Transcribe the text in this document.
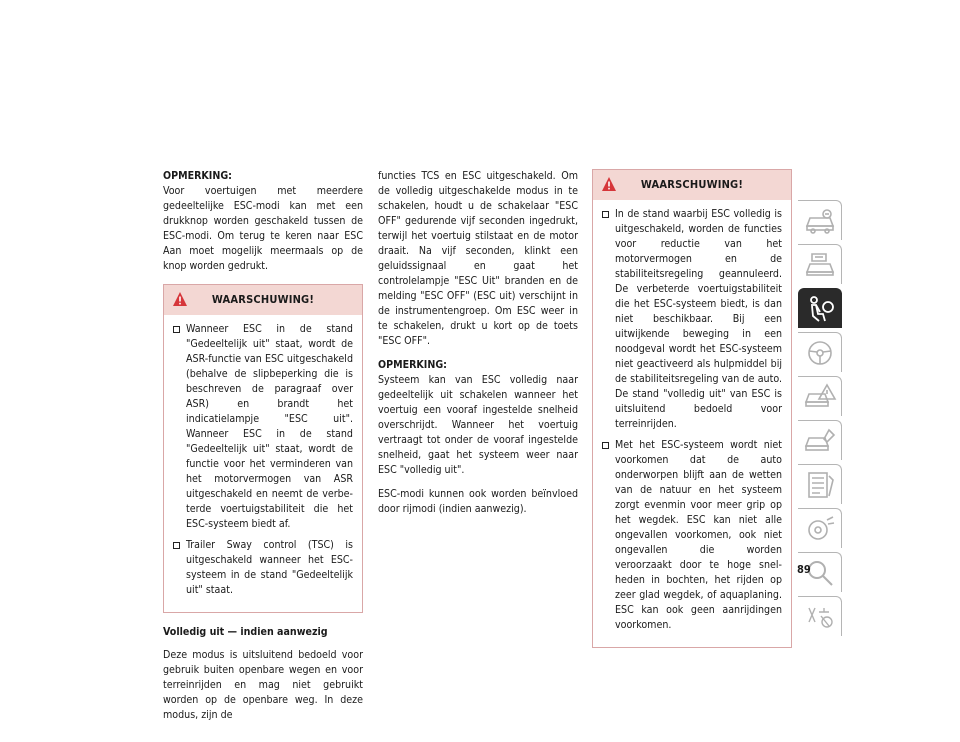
OPMERKING:

Voor voertuigen met meerdere gedeeltelijke ESC-modi kan met een drukknop worden geschakeld tussen de ESC-modi. Om terug te keren naar ESC Aan moet mogelijk meermaals op de knop worden gedrukt.

WAARSCHUWING!
Wanneer ESC in de stand "Gedeeltelijk uit" staat, wordt de ASR-functie van ESC uitgeschakeld (behalve de slipbeperking die is beschreven de paragraaf over ASR) en brandt het indicatielampje "ESC uit". Wanneer ESC in de stand "Gedeeltelijk uit" staat, wordt de functie voor het verminderen van het motorvermogen van ASR uitgeschakeld en neemt de verbeterde voertuigstabiliteit die het ESC-systeem biedt af.
Trailer Sway control (TSC) is uitgeschakeld wanneer het ESC-systeem in de stand "Gedeeltelijk uit" staat.
Volledig uit — indien aanwezig

Deze modus is uitsluitend bedoeld voor gebruik buiten openbare wegen en voor terreinrijden en mag niet gebruikt worden op de openbare weg. In deze modus, zijn de

functies TCS en ESC uitgeschakeld. Om de volledig uitgeschakelde modus in te schakelen, houdt u de schakelaar "ESC OFF" gedurende vijf seconden ingedrukt, terwijl het voertuig stilstaat en de motor draait. Na vijf seconden, klinkt een geluidssignaal en gaat het controlelampje "ESC Uit" branden en de melding "ESC OFF" (ESC uit) verschijnt in de instrumentengroep. Om ESC weer in te schakelen, drukt u kort op de toets "ESC OFF".

OPMERKING:

Systeem kan van ESC volledig naar gedeeltelijk uit schakelen wanneer het voertuig een vooraf ingestelde snelheid overschrijdt. Wanneer het voertuig vertraagt tot onder de vooraf ingestelde snelheid, gaat het systeem weer naar ESC "volledig uit".

ESC-modi kunnen ook worden beïnvloed door rijmodi (indien aanwezig).

WAARSCHUWING!
In de stand waarbij ESC volledig is uitgeschakeld, worden de functies voor reductie van het motorvermogen en de stabiliteitsregeling geannuleerd. De verbeterde voertuigstabiliteit die het ESC-systeem biedt, is dan niet beschikbaar. Bij een uitwijkende beweging in een noodgeval wordt het ESC-systeem niet geactiveerd als hulpmiddel bij de stabiliteitsregeling van de auto. De stand "volledig uit" van ESC is uitsluitend bedoeld voor terreinrijden.
Met het ESC-systeem wordt niet voorkomen dat de auto onderworpen blijft aan de wetten van de natuur en het systeem zorgt evenmin voor meer grip op het wegdek. ESC kan niet alle ongevallen voorkomen, ook niet ongevallen die worden veroorzaakt door te hoge snelheden in bochten, het rijden op zeer glad wegdek, of aquaplaning. ESC kan ook geen aanrijdingen voorkomen.
89
